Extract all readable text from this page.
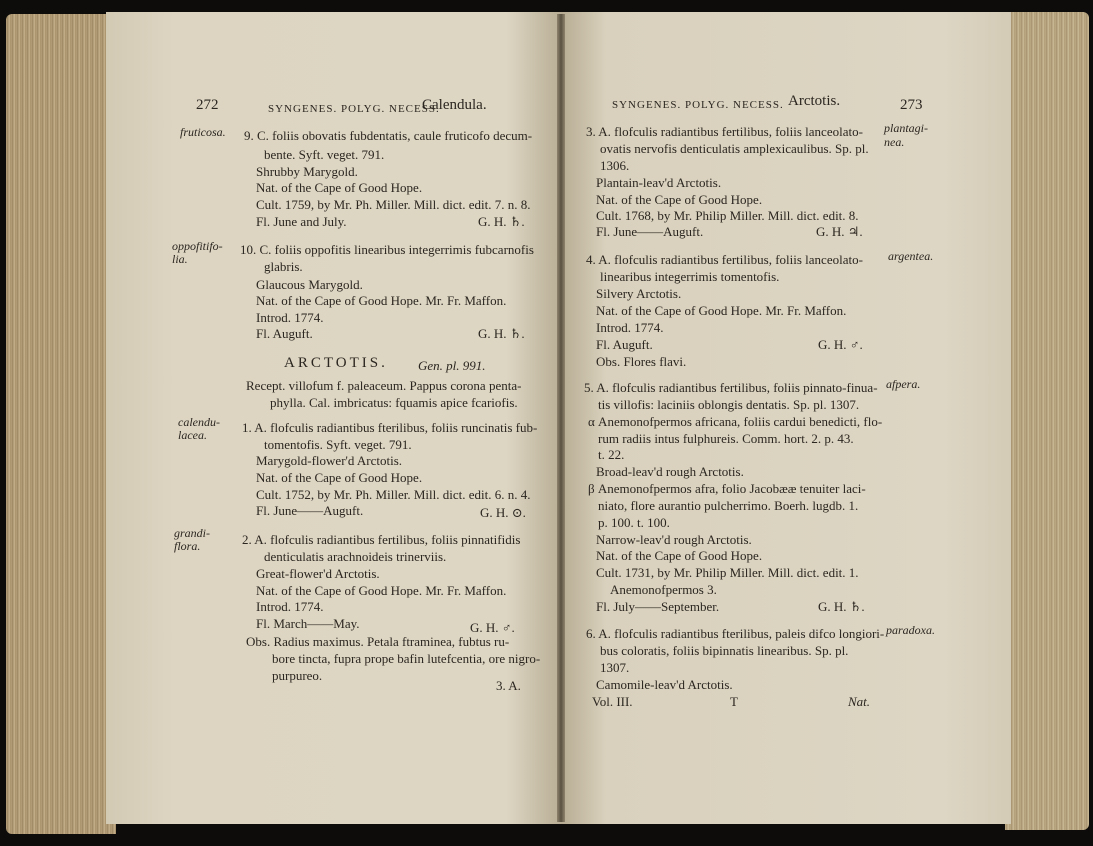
272	SYNGENES. POLYG. NECESS.
Calendula.
fruticosa. 9. C. foliis obovatis fubdentatis, caule fruticofo decum-
bente. Syft. veget. 791.
Shrubby Marygold.
Nat. of the Cape of Good Hope.
Cult. 1759, by Mr. Ph. Miller. Mill. dict. edit. 7. n. 8.
Fl. June and July.	G. H. ♄.
oppofitifo-
lia.
10. C. foliis oppofitis linearibus integerrimis fubcarnofis
glabris.
Glaucous Marygold.
Nat. of the Cape of Good Hope. Mr. Fr. Maffon.
Introd. 1774.
Fl. Auguft.	G. H. ♄.
ARCTOTIS. Gen. pl. 991.
Recept. villofum f. paleaceum. Pappus corona penta-
phylla. Cal. imbricatus: fquamis apice fcariofis.
calendu-
lacea.	1. A. flofculis radiantibus fterilibus, foliis runcinatis fub-
tomentofis. Syft. veget. 791.
Marygold-flower'd Arctotis.
Nat. of the Cape of Good Hope.
Cult. 1752, by Mr. Ph. Miller. Mill. dict. edit. 6. n. 4.
Fl. June——Auguft.	G. H. ⊙.
grandi-
flora.	2. A. flofculis radiantibus fertilibus, foliis pinnatifidis
denticulatis arachnoideis trinerviis.
Great-flower'd Arctotis.
Nat. of the Cape of Good Hope. Mr. Fr. Maffon.
Introd. 1774.
Fl. March——May.	G. H. ♂.
Obs. Radius maximus. Petala ftraminea, fubtus ru-
bore tincta, fupra prope bafin lutefcentia, ore nigro-
purpureo.
3. A.
SYNGENES. POLYG. NECESS. Arctotis.	273
plantagi-
nea.
3. A. flofculis radiantibus fertilibus, foliis lanceolato-
ovatis nervofis denticulatis amplexicaulibus. Sp. pl.
1306.
Plantain-leav'd Arctotis.
Nat. of the Cape of Good Hope.
Cult. 1768, by Mr. Philip Miller. Mill. dict. edit. 8.
Fl. June——Auguft.	G. H. ♃.
argentea.
4. A. flofculis radiantibus fertilibus, foliis lanceolato-
linearibus integerrimis tomentofis.
Silvery Arctotis.
Nat. of the Cape of Good Hope. Mr. Fr. Maffon.
Introd. 1774.
Fl. Auguft.	G. H. ♂.
Obs. Flores flavi.
afpera.
5. A. flofculis radiantibus fertilibus, foliis pinnato-finua-
tis villofis: laciniis oblongis dentatis. Sp. pl. 1307.
α Anemonofpermos africana, foliis cardui benedicti, flo-
rum radiis intus fulphureis. Comm. hort. 2. p. 43.
t. 22.
Broad-leav'd rough Arctotis.
β Anemonofpermos afra, folio Jacobææ tenuiter laci-
niato, flore aurantio pulcherrimo. Boerh. lugdb. 1.
p. 100. t. 100.
Narrow-leav'd rough Arctotis.
Nat. of the Cape of Good Hope.
Cult. 1731, by Mr. Philip Miller. Mill. dict. edit. 1.
Anemonofpermos 3.
Fl. July——September.	G. H. ♄.
paradoxa.
6. A. flofculis radiantibus fterilibus, paleis difco longiori-
bus coloratis, foliis bipinnatis linearibus. Sp. pl.
1307.
Camomile-leav'd Arctotis.
Vol. III.	T	Nat.
